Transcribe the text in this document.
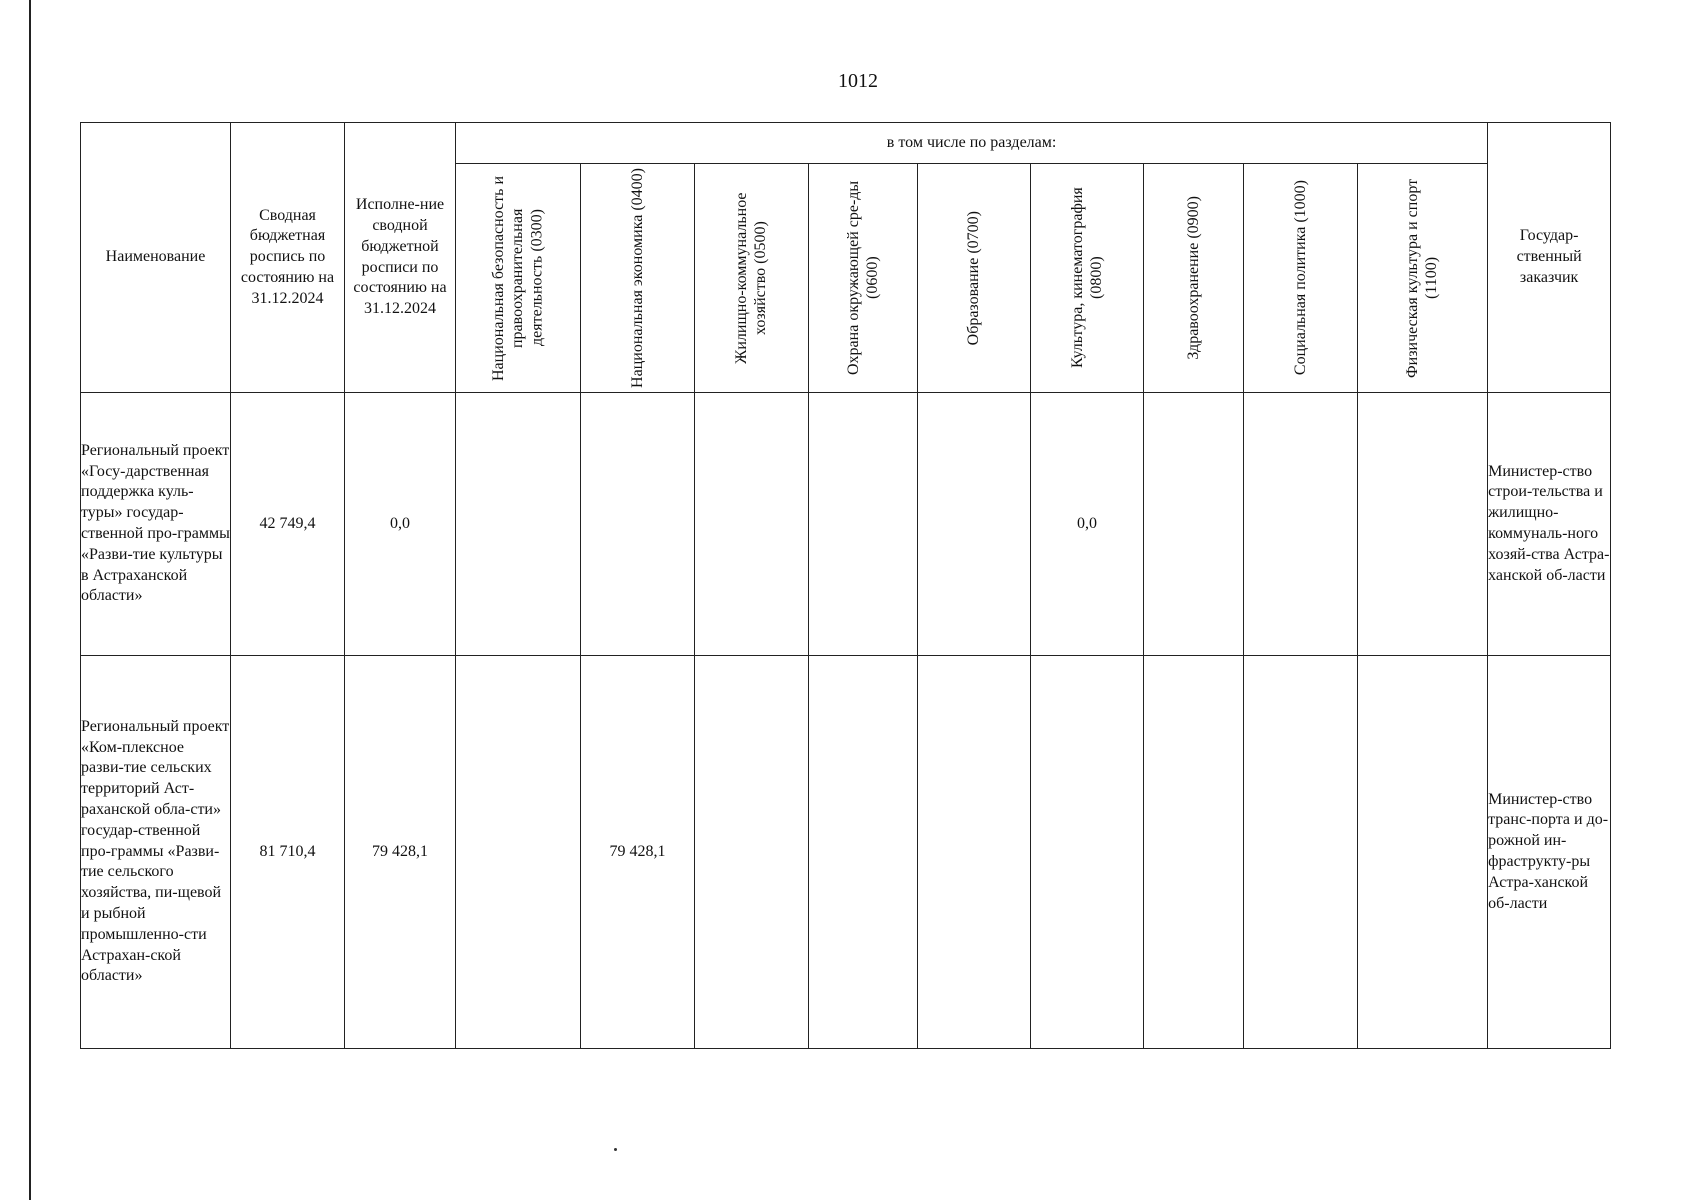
1012
Наименование	Сводная бюджетная роспись по состоянию на 31.12.2024	Исполне-ние сводной бюджетной росписи по состоянию на 31.12.2024	в том числе по разделам:									Государ-ственный заказчик

			Национальная безопасность и правоохранительная деятельность (0300)	Национальная экономика (0400)	Жилищно-коммунальное хозяйство (0500)	Охрана окружающей сре-ды (0600)	Образование (0700)	Культура, кинематография (0800)	Здравоохранение (0900)	Социальная политика (1000)	Физическая культура и спорт (1100)	

Региональный проект «Госу-дарственная поддержка куль-туры» государ-ственной про-граммы «Разви-тие культуры в Астраханской области»	42 749,4	0,0						0,0				Министер-ство строи-тельства и жилищно-коммуналь-ного хозяй-ства Астра-ханской об-ласти
Региональный проект «Ком-плексное разви-тие сельских территорий Аст-раханской обла-сти» государ-ственной про-граммы «Разви-тие сельского хозяйства, пи-щевой и рыбной промышленно-сти Астрахан-ской области»	81 710,4	79 428,1		79 428,1								Министер-ство транс-порта и до-рожной ин-фраструкту-ры Астра-ханской об-ласти
